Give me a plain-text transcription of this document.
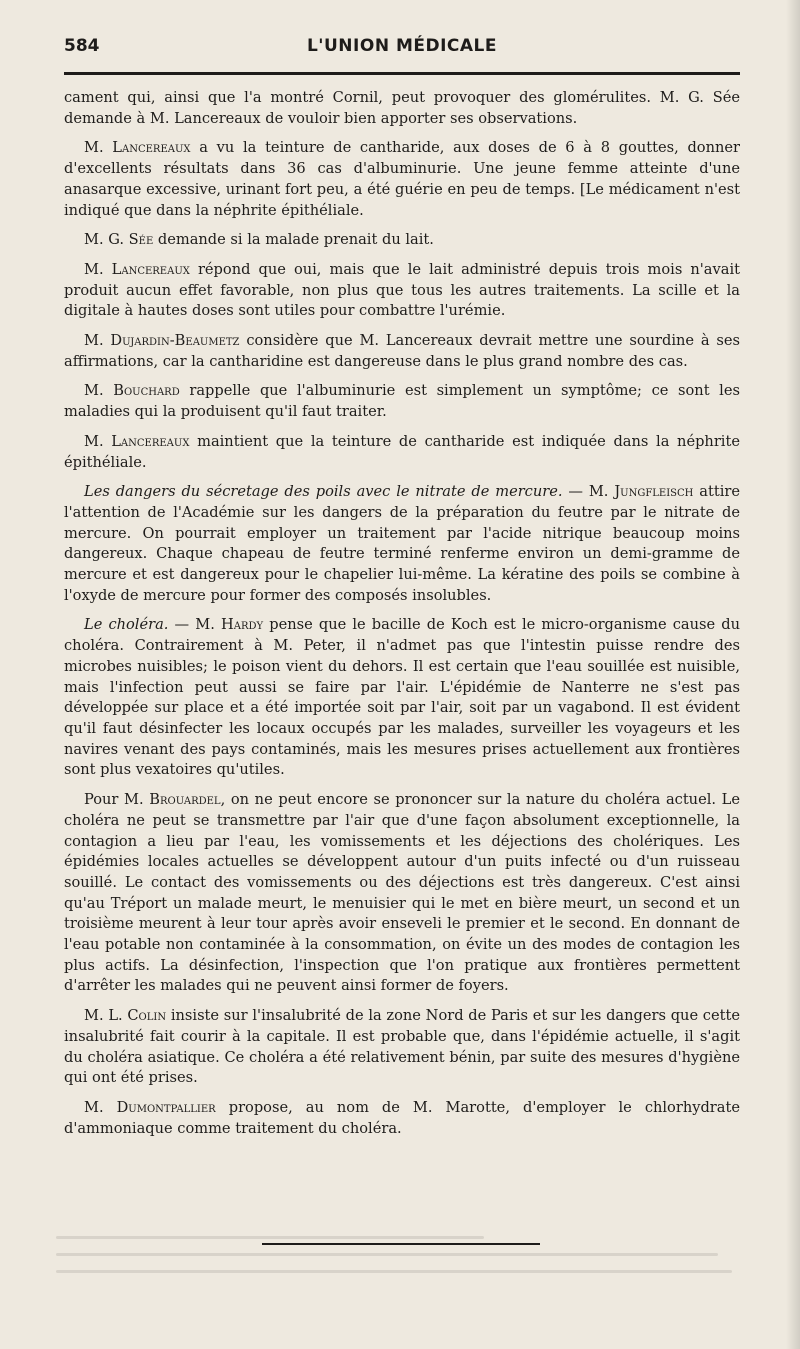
584	L'UNION MÉDICALE

cament qui, ainsi que l'a montré Cornil, peut provoquer des glomérulites. M. G. Sée demande à M. Lancereaux de vouloir bien apporter ses observations.

M. Lancereaux a vu la teinture de cantharide, aux doses de 6 à 8 gouttes, donner d'excellents résultats dans 36 cas d'albuminurie. Une jeune femme atteinte d'une anasarque excessive, urinant fort peu, a été guérie en peu de temps. [Le médicament n'est indiqué que dans la néphrite épithéliale.

M. G. Sée demande si la malade prenait du lait.

M. Lancereaux répond que oui, mais que le lait administré depuis trois mois n'avait produit aucun effet favorable, non plus que tous les autres traitements. La scille et la digitale à hautes doses sont utiles pour combattre l'urémie.

M. Dujardin-Beaumetz considère que M. Lancereaux devrait mettre une sourdine à ses affirmations, car la cantharidine est dangereuse dans le plus grand nombre des cas.

M. Bouchard rappelle que l'albuminurie est simplement un symptôme; ce sont les maladies qui la produisent qu'il faut traiter.

M. Lancereaux maintient que la teinture de cantharide est indiquée dans la néphrite épithéliale.

Les dangers du sécretage des poils avec le nitrate de mercure. — M. Jungfleisch attire l'attention de l'Académie sur les dangers de la préparation du feutre par le nitrate de mercure. On pourrait employer un traitement par l'acide nitrique beaucoup moins dangereux. Chaque chapeau de feutre terminé renferme environ un demi-gramme de mercure et est dangereux pour le chapelier lui-même. La kératine des poils se combine à l'oxyde de mercure pour former des composés insolubles.

Le choléra. — M. Hardy pense que le bacille de Koch est le micro-organisme cause du choléra. Contrairement à M. Peter, il n'admet pas que l'intestin puisse rendre des microbes nuisibles; le poison vient du dehors. Il est certain que l'eau souillée est nuisible, mais l'infection peut aussi se faire par l'air. L'épidémie de Nanterre ne s'est pas développée sur place et a été importée soit par l'air, soit par un vagabond. Il est évident qu'il faut désinfecter les locaux occupés par les malades, surveiller les voyageurs et les navires venant des pays contaminés, mais les mesures prises actuellement aux frontières sont plus vexatoires qu'utiles.

Pour M. Brouardel, on ne peut encore se prononcer sur la nature du choléra actuel. Le choléra ne peut se transmettre par l'air que d'une façon absolument exceptionnelle, la contagion a lieu par l'eau, les vomissements et les déjections des cholériques. Les épidémies locales actuelles se développent autour d'un puits infecté ou d'un ruisseau souillé. Le contact des vomissements ou des déjections est très dangereux. C'est ainsi qu'au Tréport un malade meurt, le menuisier qui le met en bière meurt, un second et un troisième meurent à leur tour après avoir enseveli le premier et le second. En donnant de l'eau potable non contaminée à la consommation, on évite un des modes de contagion les plus actifs. La désinfection, l'inspection que l'on pratique aux frontières permettent d'arrêter les malades qui ne peuvent ainsi former de foyers.

M. L. Colin insiste sur l'insalubrité de la zone Nord de Paris et sur les dangers que cette insalubrité fait courir à la capitale. Il est probable que, dans l'épidémie actuelle, il s'agit du choléra asiatique. Ce choléra a été relativement bénin, par suite des mesures d'hygiène qui ont été prises.

M. Dumontpallier propose, au nom de M. Marotte, d'employer le chlorhydrate d'ammoniaque comme traitement du choléra.
